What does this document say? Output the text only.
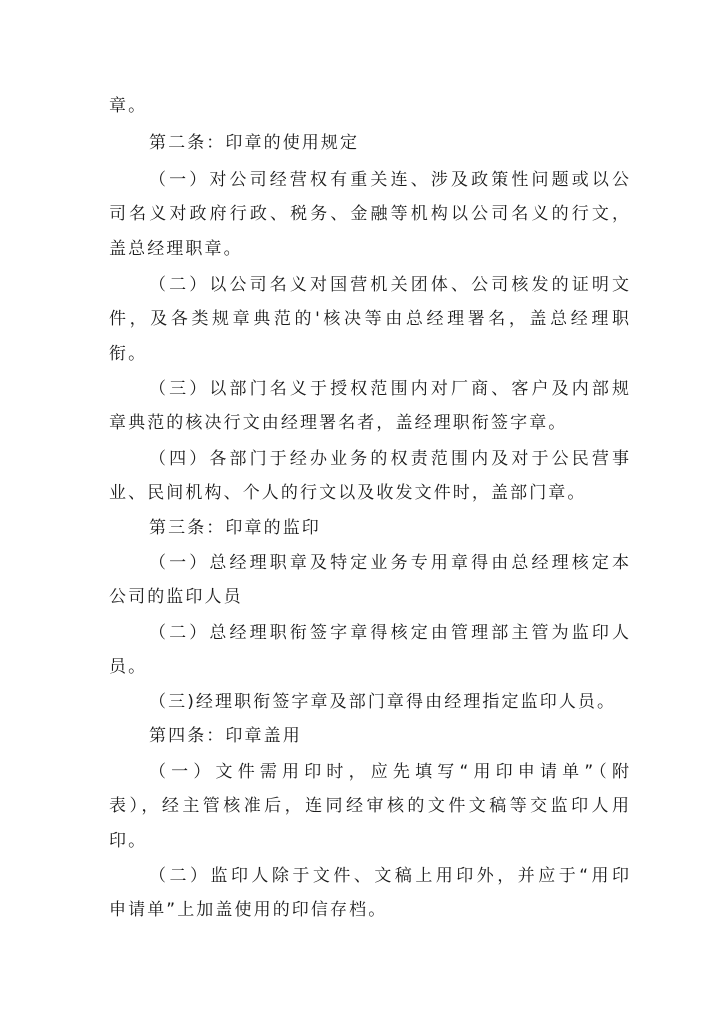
章。
第二条：印章的使用规定
（一）对公司经营权有重关连、涉及政策性问题或以公
司名义对政府行政、税务、金融等机构以公司名义的行文，
盖总经理职章。
（二）以公司名义对国营机关团体、公司核发的证明文
件，及各类规章典范的'核决等由总经理署名，盖总经理职
衔。
（三）以部门名义于授权范围内对厂商、客户及内部规
章典范的核决行文由经理署名者，盖经理职衔签字章。
（四）各部门于经办业务的权责范围内及对于公民营事
业、民间机构、个人的行文以及收发文件时，盖部门章。
第三条：印章的监印
（一）总经理职章及特定业务专用章得由总经理核定本
公司的监印人员
（二）总经理职衔签字章得核定由管理部主管为监印人
员。
（三)经理职衔签字章及部门章得由经理指定监印人员。
第四条：印章盖用
（一）文件需用印时，应先填写“用印申请单”（附
表），经主管核准后，连同经审核的文件文稿等交监印人用
印。
（二）监印人除于文件、文稿上用印外，并应于“用印
申请单”上加盖使用的印信存档。
